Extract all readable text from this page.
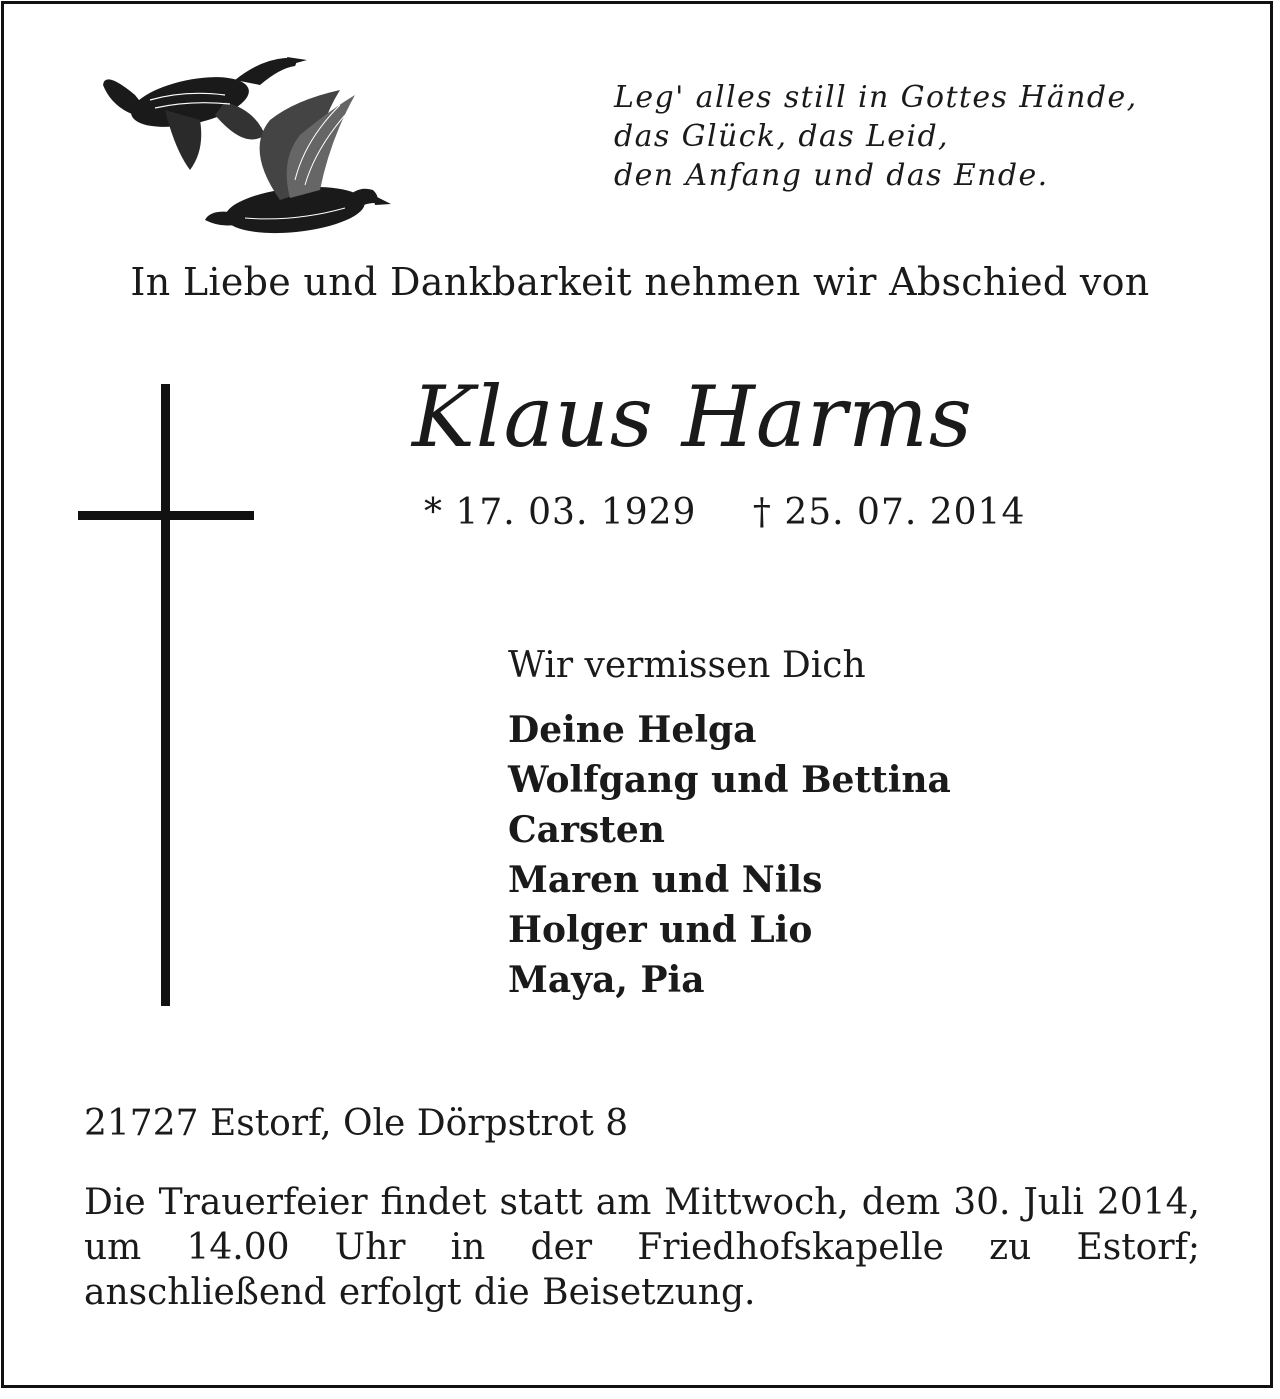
Leg' alles still in Gottes Hände,
das Glück, das Leid,
den Anfang und das Ende.
In Liebe und Dankbarkeit nehmen wir Abschied von
Klaus Harms
* 17. 03. 1929 † 25. 07. 2014
Wir vermissen Dich
Deine Helga
Wolfgang und Bettina
Carsten
Maren und Nils
Holger und Lio
Maya, Pia
21727 Estorf, Ole Dörpstrot 8
Die Trauerfeier findet statt am Mittwoch, dem 30. Juli 2014, um 14.00 Uhr in der Friedhofskapelle zu Estorf; anschließend erfolgt die Beisetzung.
